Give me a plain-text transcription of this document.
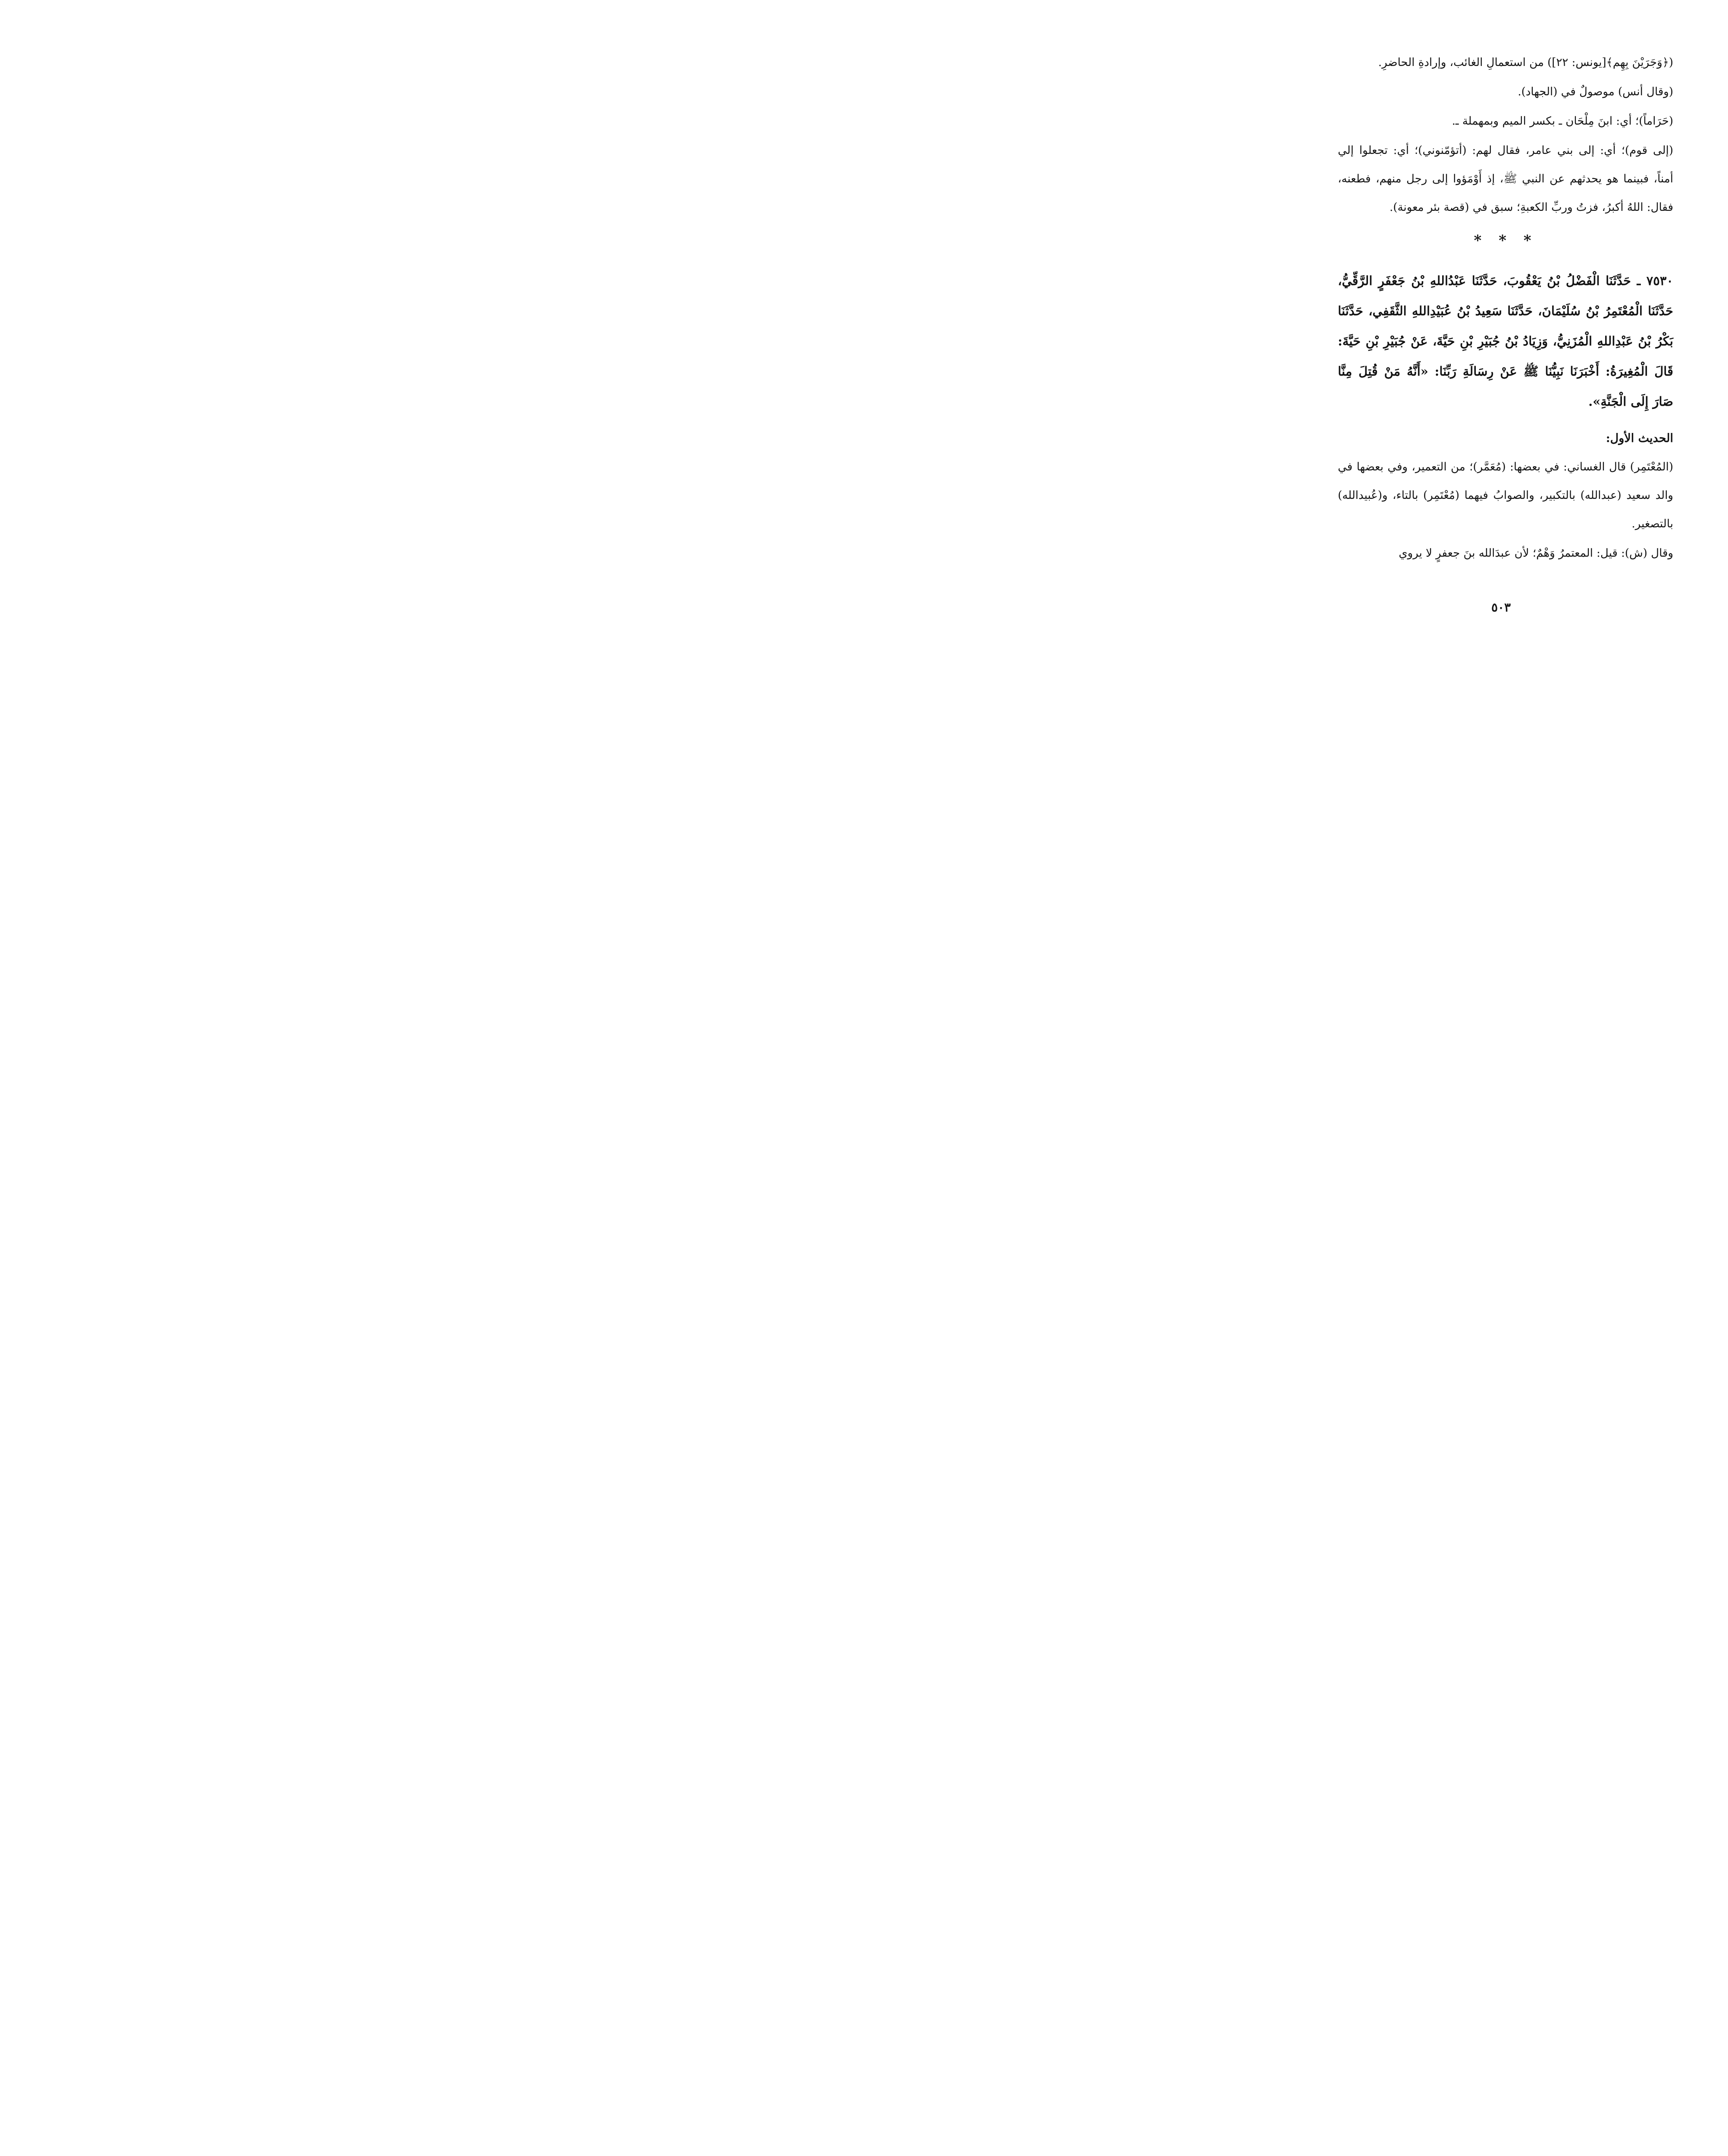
(﴿وَجَرَيْنَ بِهِم﴾[يونس: ٢٢]) من استعمالِ الغائب، وإرادةِ الحاضرِ.

(وقال أنس) موصولٌ في (الجهاد).

(حَرَاماً)؛ أي: ابنَ مِلْحَان ـ بكسر الميم وبمهملة ـ.

(إلى قوم)؛ أي: إلى بني عامر، فقال لهم: (أتؤمّنوني)؛ أي: تجعلوا إلي أمناً، فبينما هو يحدثهم عن النبي ﷺ، إذ أَوْمَؤوا إلى رجل منهم، فطعنه، فقال: اللهُ أكبرُ، فزتُ وربِّ الكعبةِ؛ سبق في (قصة بئر معونة).

* * *

٧٥٣٠ ـ حَدَّثَنَا الْفَضْلُ بْنُ يَعْقُوبَ، حَدَّثَنَا عَبْدُاللهِ بْنُ جَعْفَرٍ الرَّقِّيُّ، حَدَّثَنَا الْمُعْتَمِرُ بْنُ سُلَيْمَانَ، حَدَّثَنَا سَعِيدُ بْنُ عُبَيْدِاللهِ الثَّقَفِي، حَدَّثَنَا بَكْرُ بْنُ عَبْدِاللهِ الْمُزَنِيُّ، وَزِيَادُ بْنُ جُبَيْرِ بْنِ حَيَّةَ، عَنْ جُبَيْرِ بْنِ حَيَّةَ: قَالَ الْمُغِيرَةُ: أَخْبَرَنَا نَبِيُّنَا ﷺ عَنْ رِسَالَةِ رَبِّنَا: «أَنَّهُ مَنْ قُتِلَ مِنَّا صَارَ إِلَى الْجَنَّةِ».

الحديث الأول:

(المُعْتَمِر) قال الغساني: في بعضها: (مُعَمَّر)؛ من التعمير، وفي بعضها في والد سعيد (عبدالله) بالتكبير، والصوابُ فيهما (مُعْتَمِر) بالتاء، و(عُبيدالله) بالتصغير.

وقال (ش): قيل: المعتمرُ وَهْمٌ؛ لأن عبدَالله بنَ جعفرٍ لا يروي

٥٠٣
